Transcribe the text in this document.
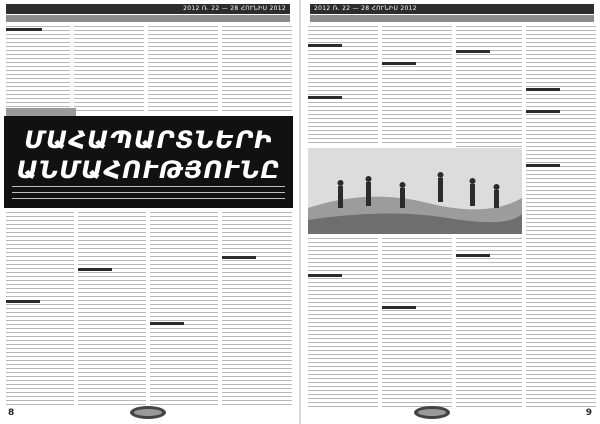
2012 Ռ. 22 — 28 ՀՈՒՆԻՍ 2012
ՄԱՀԱՊԱՐՏՆԵՐԻ
ԱՆՄԱՀՈՒԹՅՈՒՆԸ
8
2012 Ռ. 22 — 28 ՀՈՒՆԻՍ 2012
9
